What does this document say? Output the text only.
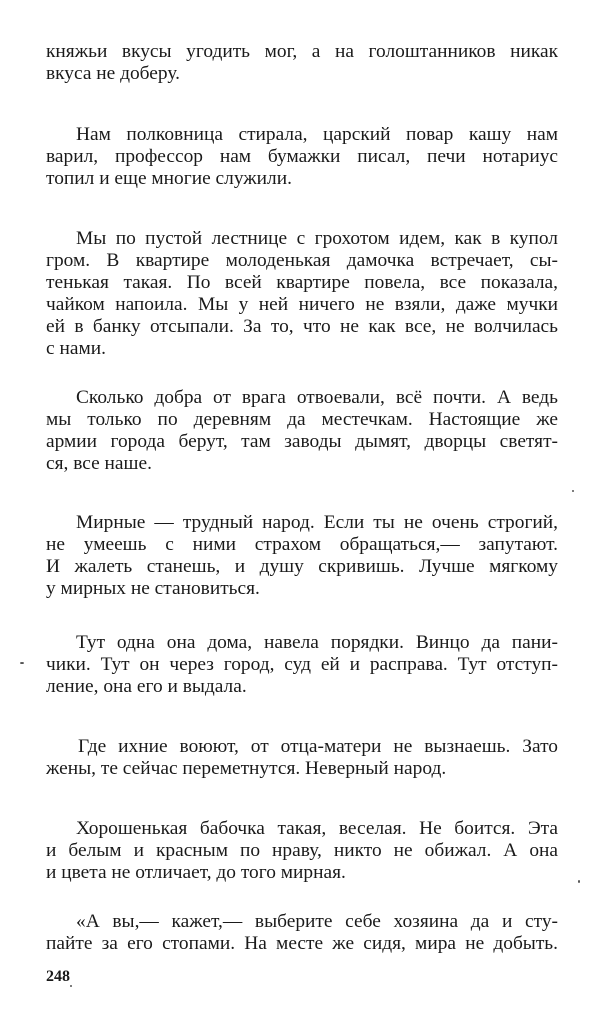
княжьи вкусы угодить мог, а на голоштанников никак
вкуса не доберу.
Нам полковница стирала, царский повар кашу нам
варил, профессор нам бумажки писал, печи нотариус
топил и еще многие служили.
Мы по пустой лестнице с грохотом идем, как в купол
гром. В квартире молоденькая дамочка встречает, сы-
тенькая такая. По всей квартире повела, все показала,
чайком напоила. Мы у ней ничего не взяли, даже мучки
ей в банку отсыпали. За то, что не как все, не волчилась
с нами.
Сколько добра от врага отвоевали, всё почти. А ведь
мы только по деревням да местечкам. Настоящие же
армии города берут, там заводы дымят, дворцы светят-
ся, все наше.
Мирные — трудный народ. Если ты не очень строгий,
не умеешь с ними страхом обращаться,— запутают.
И жалеть станешь, и душу скривишь. Лучше мягкому
у мирных не становиться.
Тут одна она дома, навела порядки. Винцо да пани-
чики. Тут он через город, суд ей и расправа. Тут отступ-
ление, она его и выдала.
Где ихние воюют, от отца-матери не вызнаешь. Зато
жены, те сейчас переметнутся. Неверный народ.
Хорошенькая бабочка такая, веселая. Не боится. Эта
и белым и красным по нраву, никто не обижал. А она
и цвета не отличает, до того мирная.
«А вы,— кажет,— выберите себе хозяина да и сту-
пайте за его стопами. На месте же сидя, мира не добыть.
248
